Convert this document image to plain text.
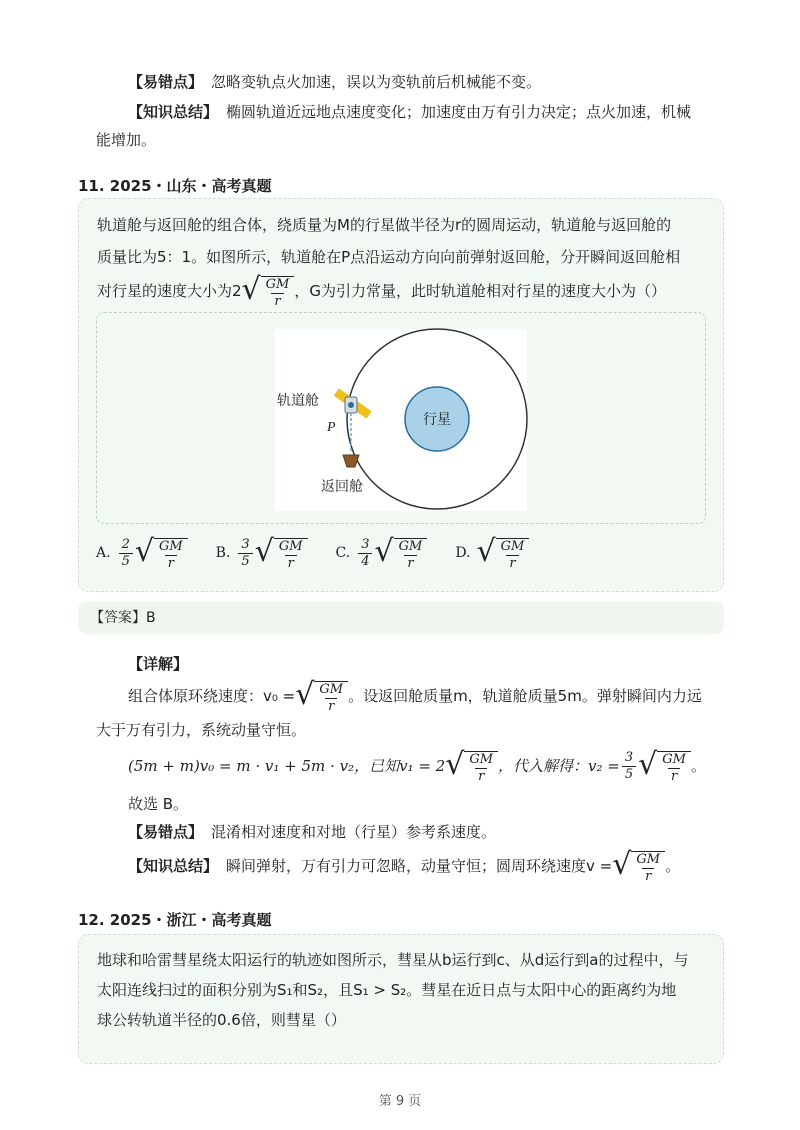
【易错点】 忽略变轨点火加速，误以为变轨前后机械能不变。
【知识总结】 椭圆轨道近远地点速度变化；加速度由万有引力决定；点火加速，机械
能增加。
11. 2025・山东・高考真题
轨道舱与返回舱的组合体，绕质量为M的行星做半径为r的圆周运动，轨道舱与返回舱的
质量比为5：1。如图所示，轨道舱在P点沿运动方向向前弹射返回舱，分开瞬间返回舱相
对行星的速度大小为2 √ $\frac{GM}{r}$ ，G为引力常量，此时轨道舱相对行星的速度大小为（）
行星
轨道舱
P
返回舱
A. $\frac{2}{5}$ √ $\frac{GM}{r} B$. $\frac{3}{5}$ √ $\frac{GM}{r} C$. $\frac{3}{4}$ √ $\frac{GM}{r} D$. √ $\frac{GM}{r}$
【答案】B
【详解】
组合体原环绕速度：v₀ = √ $\frac{GM}{r}$ 。设返回舱质量m，轨道舱质量5m。弹射瞬间内力远
大于万有引力，系统动量守恒。
(5m + m)v₀ = m · v₁ + 5m · v₂，已知v₁ = 2 √ $\frac{GM}{r}$ ，代入解得：$v_2 = \frac{3}{5}$ √ $\frac{GM}{r}$ 。
故选 B。
【易错点】 混淆相对速度和对地（行星）参考系速度。
【知识总结】 瞬间弹射，万有引力可忽略，动量守恒；圆周环绕速度v = √ $\frac{GM}{r}$ 。
12. 2025・浙江・高考真题
地球和哈雷彗星绕太阳运行的轨迹如图所示，彗星从b运行到c、从d运行到a的过程中，与
太阳连线扫过的面积分别为S₁和S₂，且S₁ > S₂。彗星在近日点与太阳中心的距离约为地
球公转轨道半径的0.6倍，则彗星（）
第 9 页
